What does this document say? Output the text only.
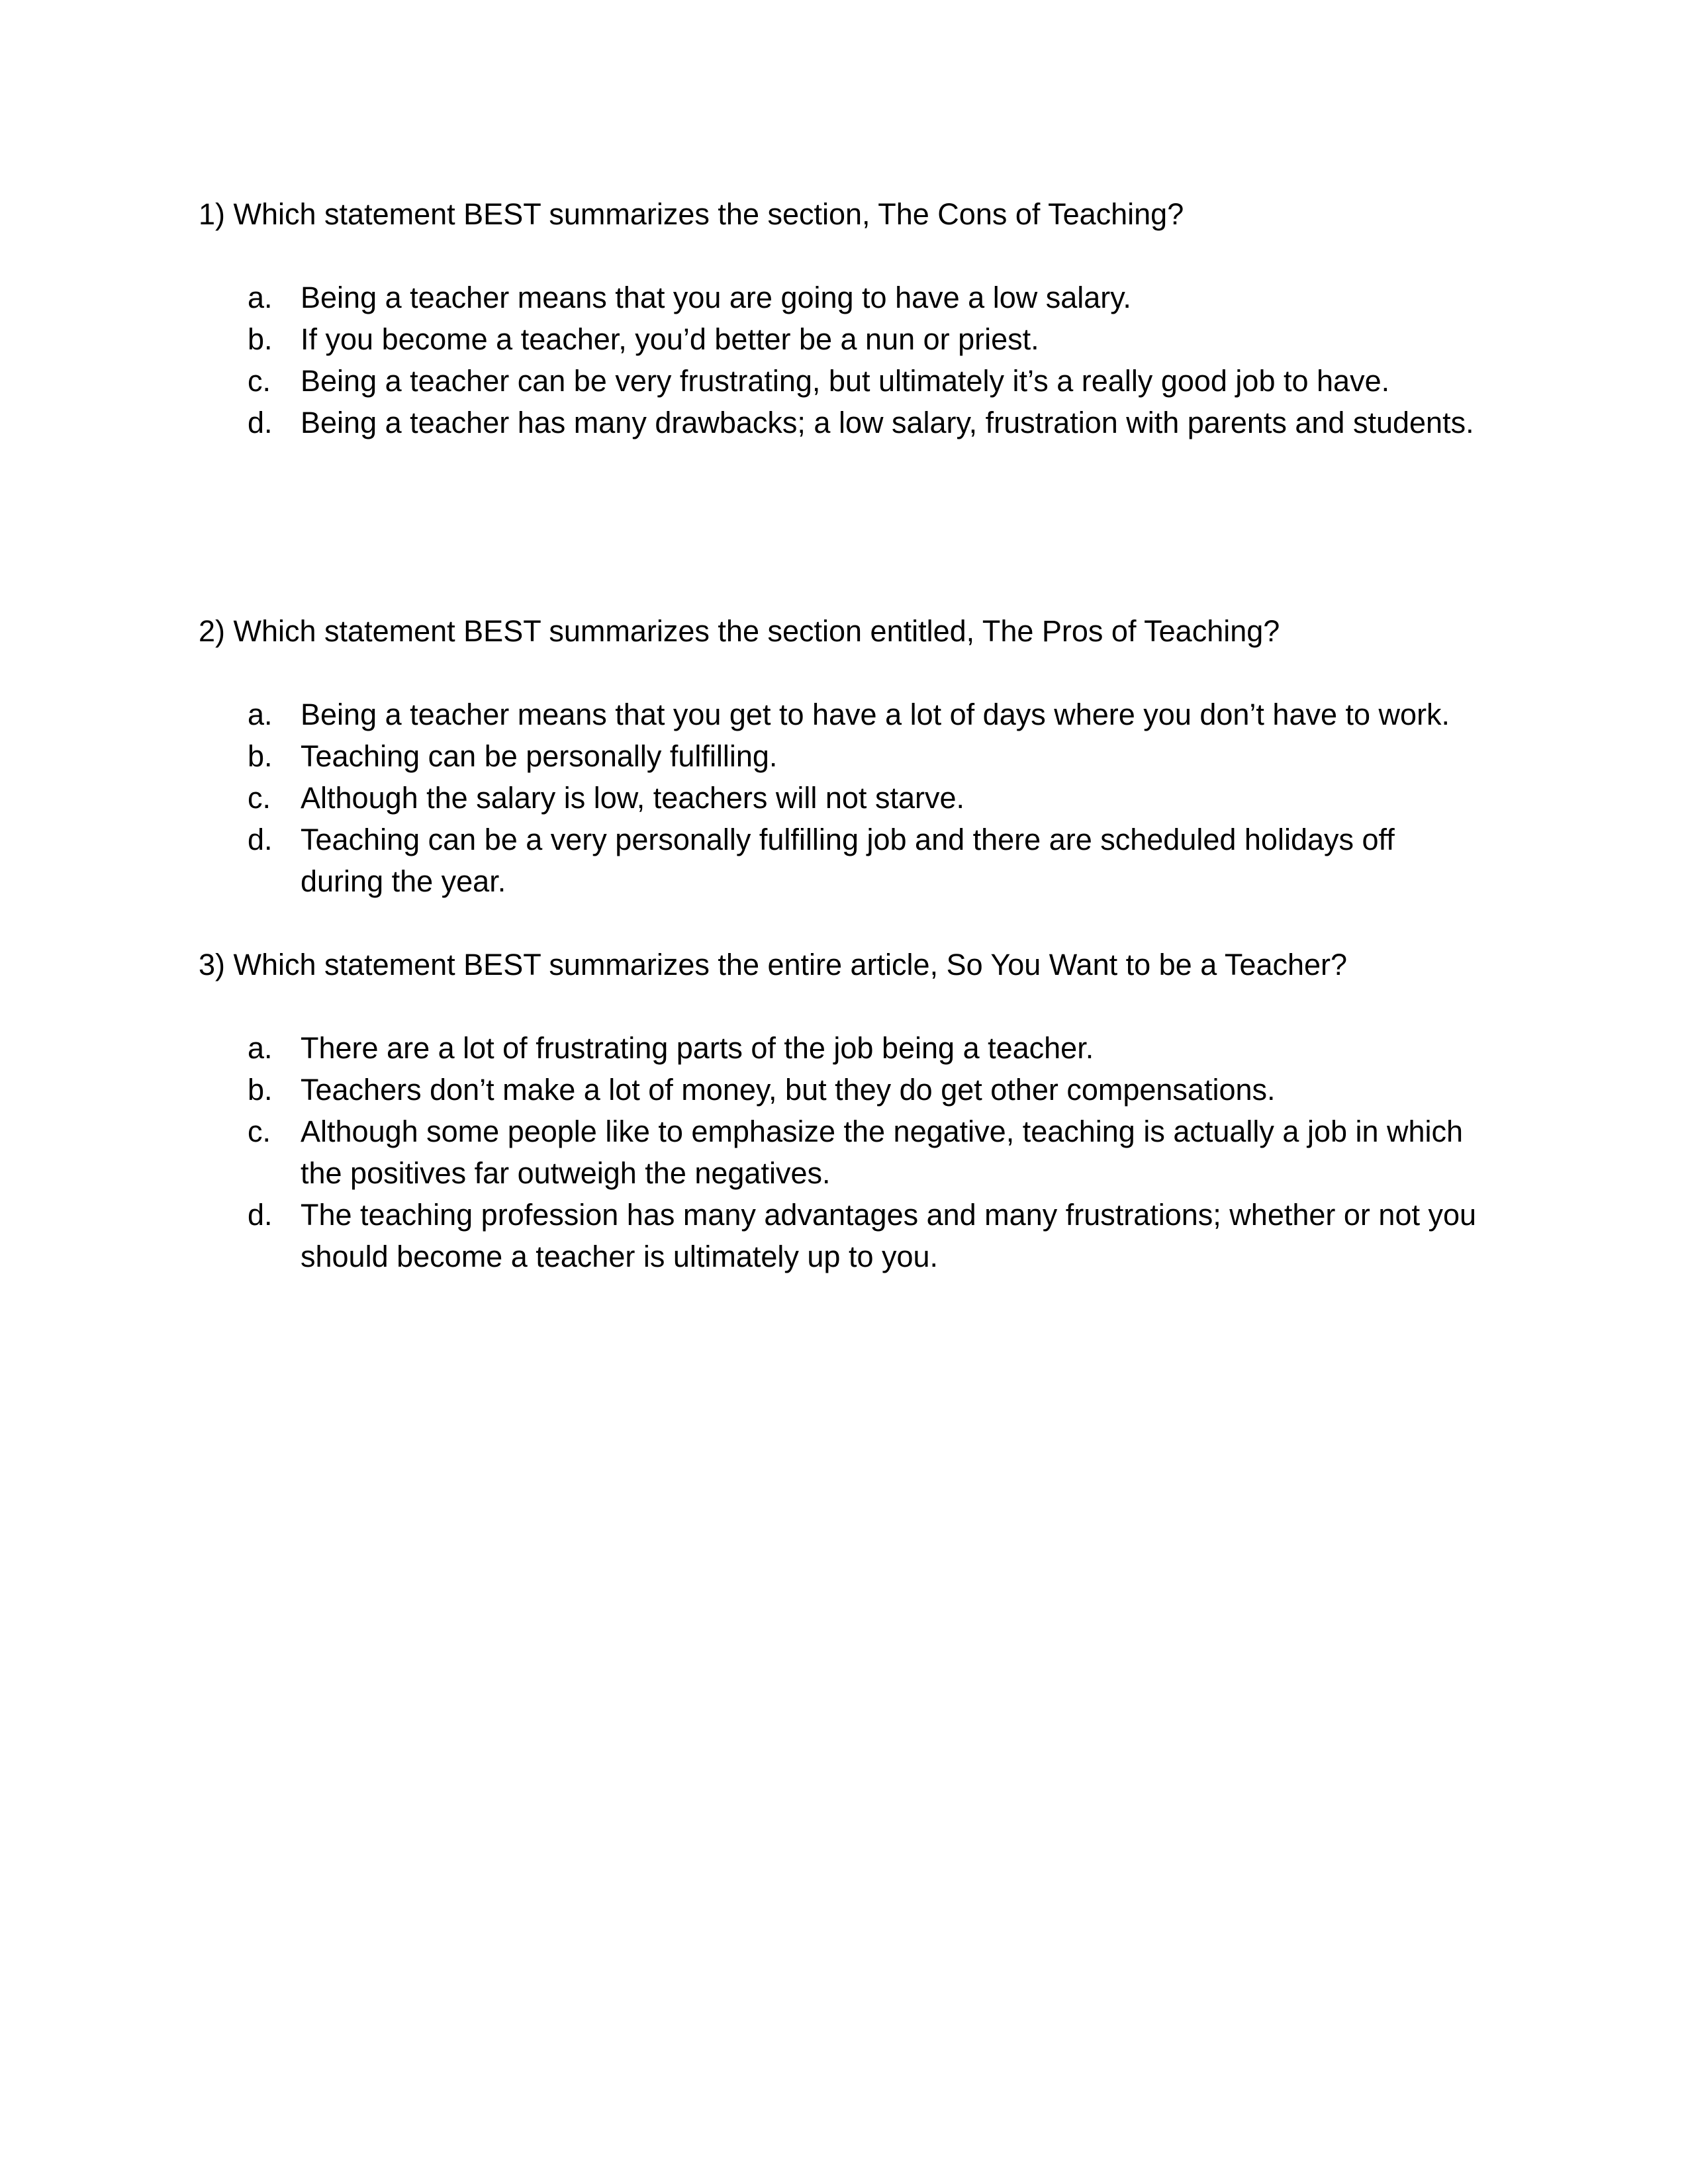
1) Which statement BEST summarizes the section, The Cons of Teaching?

a. Being a teacher means that you are going to have a low salary.
b. If you become a teacher, you’d better be a nun or priest.
c. Being a teacher can be very frustrating, but ultimately it’s a really good job to have.
d. Being a teacher has many drawbacks; a low salary, frustration with parents and students.

2) Which statement BEST summarizes the section entitled, The Pros of Teaching?

a. Being a teacher means that you get to have a lot of days where you don’t have to work.
b. Teaching can be personally fulfilling.
c. Although the salary is low, teachers will not starve.
d. Teaching can be a very personally fulfilling job and there are scheduled holidays off during the year.

3) Which statement BEST summarizes the entire article, So You Want to be a Teacher?

a. There are a lot of frustrating parts of the job being a teacher.
b. Teachers don’t make a lot of money, but they do get other compensations.
c. Although some people like to emphasize the negative, teaching is actually a job in which the positives far outweigh the negatives.
d. The teaching profession has many advantages and many frustrations; whether or not you should become a teacher is ultimately up to you.
